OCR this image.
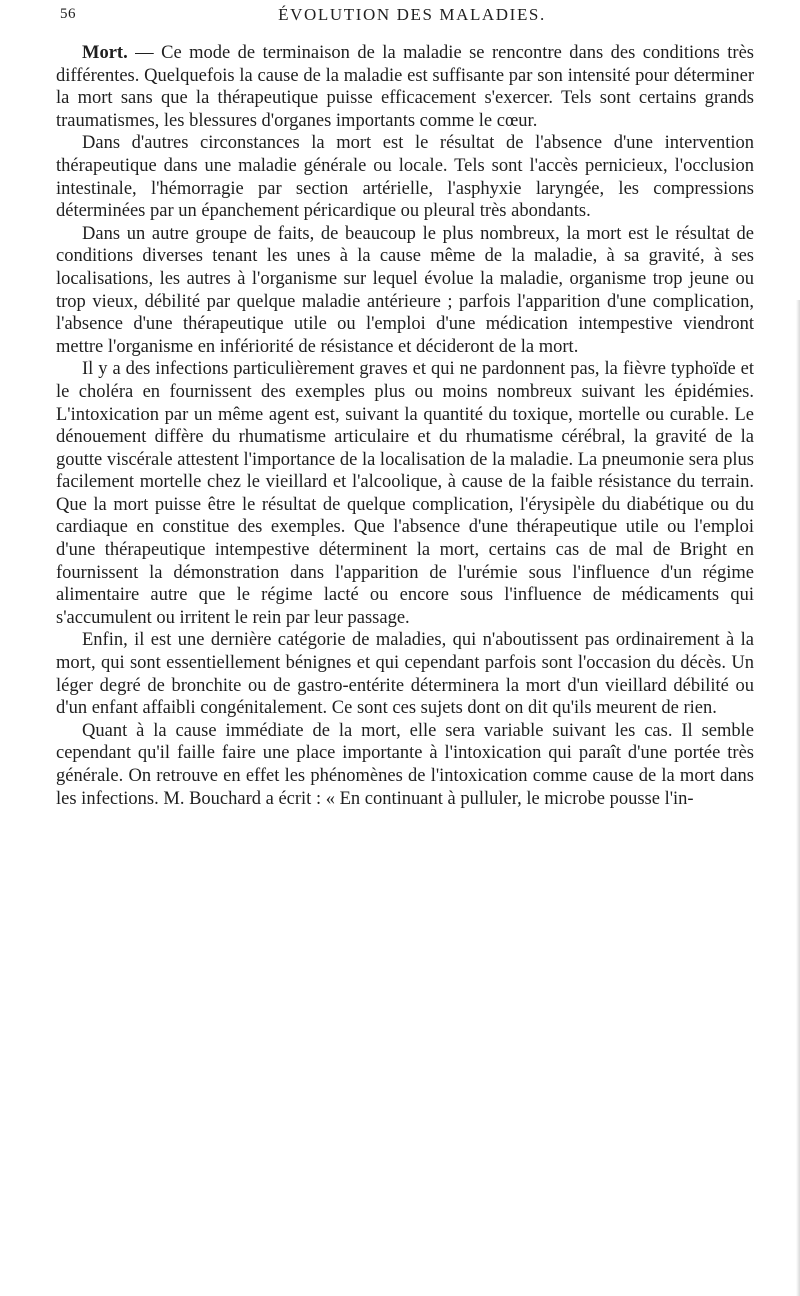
56	ÉVOLUTION DES MALADIES.

Mort. — Ce mode de terminaison de la maladie se rencontre dans des conditions très différentes. Quelquefois la cause de la maladie est suffisante par son intensité pour déterminer la mort sans que la thérapeutique puisse efficacement s'exercer. Tels sont certains grands traumatismes, les blessures d'organes importants comme le cœur.

Dans d'autres circonstances la mort est le résultat de l'absence d'une intervention thérapeutique dans une maladie générale ou locale. Tels sont l'accès pernicieux, l'occlusion intestinale, l'hémorragie par section artérielle, l'asphyxie laryngée, les compressions déterminées par un épanchement péricardique ou pleural très abondants.

Dans un autre groupe de faits, de beaucoup le plus nombreux, la mort est le résultat de conditions diverses tenant les unes à la cause même de la maladie, à sa gravité, à ses localisations, les autres à l'organisme sur lequel évolue la maladie, organisme trop jeune ou trop vieux, débilité par quelque maladie antérieure ; parfois l'apparition d'une complication, l'absence d'une thérapeutique utile ou l'emploi d'une médication intempestive viendront mettre l'organisme en infériorité de résistance et décideront de la mort.

Il y a des infections particulièrement graves et qui ne pardonnent pas, la fièvre typhoïde et le choléra en fournissent des exemples plus ou moins nombreux suivant les épidémies. L'intoxication par un même agent est, suivant la quantité du toxique, mortelle ou curable. Le dénouement diffère du rhumatisme articulaire et du rhumatisme cérébral, la gravité de la goutte viscérale attestent l'importance de la localisation de la maladie. La pneumonie sera plus facilement mortelle chez le vieillard et l'alcoolique, à cause de la faible résistance du terrain. Que la mort puisse être le résultat de quelque complication, l'érysipèle du diabétique ou du cardiaque en constitue des exemples. Que l'absence d'une thérapeutique utile ou l'emploi d'une thérapeutique intempestive déterminent la mort, certains cas de mal de Bright en fournissent la démonstration dans l'apparition de l'urémie sous l'influence d'un régime alimentaire autre que le régime lacté ou encore sous l'influence de médicaments qui s'accumulent ou irritent le rein par leur passage.

Enfin, il est une dernière catégorie de maladies, qui n'aboutissent pas ordinairement à la mort, qui sont essentiellement bénignes et qui cependant parfois sont l'occasion du décès. Un léger degré de bronchite ou de gastro-entérite déterminera la mort d'un vieillard débilité ou d'un enfant affaibli congénitalement. Ce sont ces sujets dont on dit qu'ils meurent de rien.

Quant à la cause immédiate de la mort, elle sera variable suivant les cas. Il semble cependant qu'il faille faire une place importante à l'intoxication qui paraît d'une portée très générale. On retrouve en effet les phénomènes de l'intoxication comme cause de la mort dans les infections. M. Bouchard a écrit : « En continuant à pulluler, le microbe pousse l'in-
